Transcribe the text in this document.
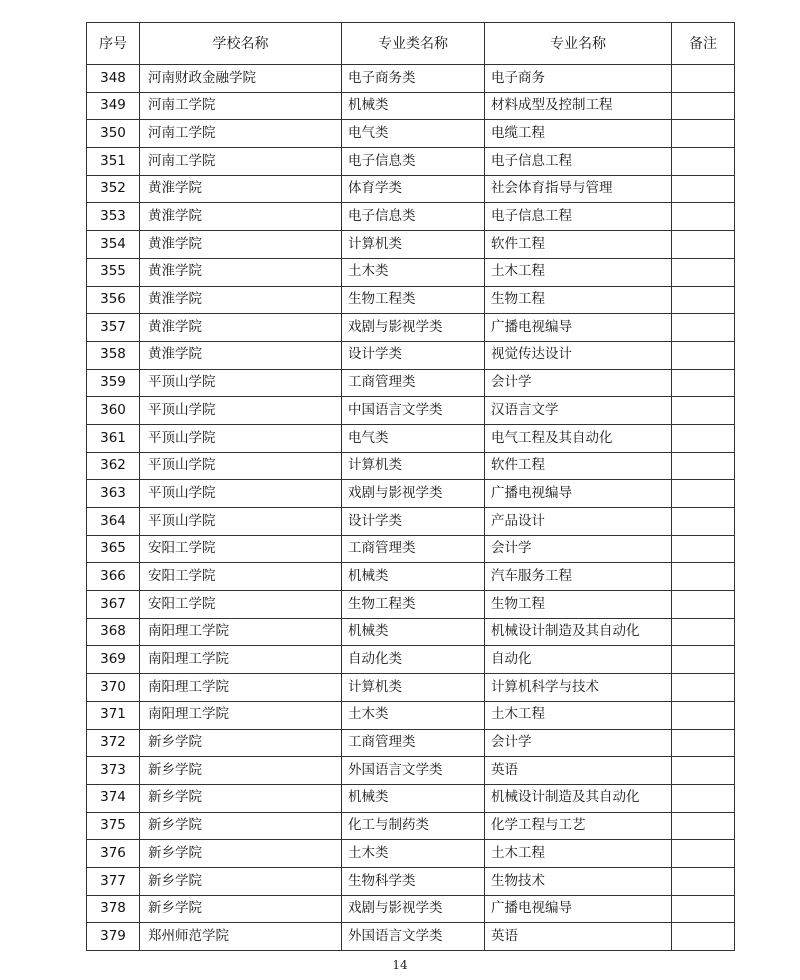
序号	学校名称	专业类名称	专业名称	备注
348	河南财政金融学院	电子商务类	电子商务	
349	河南工学院	机械类	材料成型及控制工程	
350	河南工学院	电气类	电缆工程	
351	河南工学院	电子信息类	电子信息工程	
352	黄淮学院	体育学类	社会体育指导与管理	
353	黄淮学院	电子信息类	电子信息工程	
354	黄淮学院	计算机类	软件工程	
355	黄淮学院	土木类	土木工程	
356	黄淮学院	生物工程类	生物工程	
357	黄淮学院	戏剧与影视学类	广播电视编导	
358	黄淮学院	设计学类	视觉传达设计	
359	平顶山学院	工商管理类	会计学	
360	平顶山学院	中国语言文学类	汉语言文学	
361	平顶山学院	电气类	电气工程及其自动化	
362	平顶山学院	计算机类	软件工程	
363	平顶山学院	戏剧与影视学类	广播电视编导	
364	平顶山学院	设计学类	产品设计	
365	安阳工学院	工商管理类	会计学	
366	安阳工学院	机械类	汽车服务工程	
367	安阳工学院	生物工程类	生物工程	
368	南阳理工学院	机械类	机械设计制造及其自动化	
369	南阳理工学院	自动化类	自动化	
370	南阳理工学院	计算机类	计算机科学与技术	
371	南阳理工学院	土木类	土木工程	
372	新乡学院	工商管理类	会计学	
373	新乡学院	外国语言文学类	英语	
374	新乡学院	机械类	机械设计制造及其自动化	
375	新乡学院	化工与制药类	化学工程与工艺	
376	新乡学院	土木类	土木工程	
377	新乡学院	生物科学类	生物技术	
378	新乡学院	戏剧与影视学类	广播电视编导	
379	郑州师范学院	外国语言文学类	英语	
14
